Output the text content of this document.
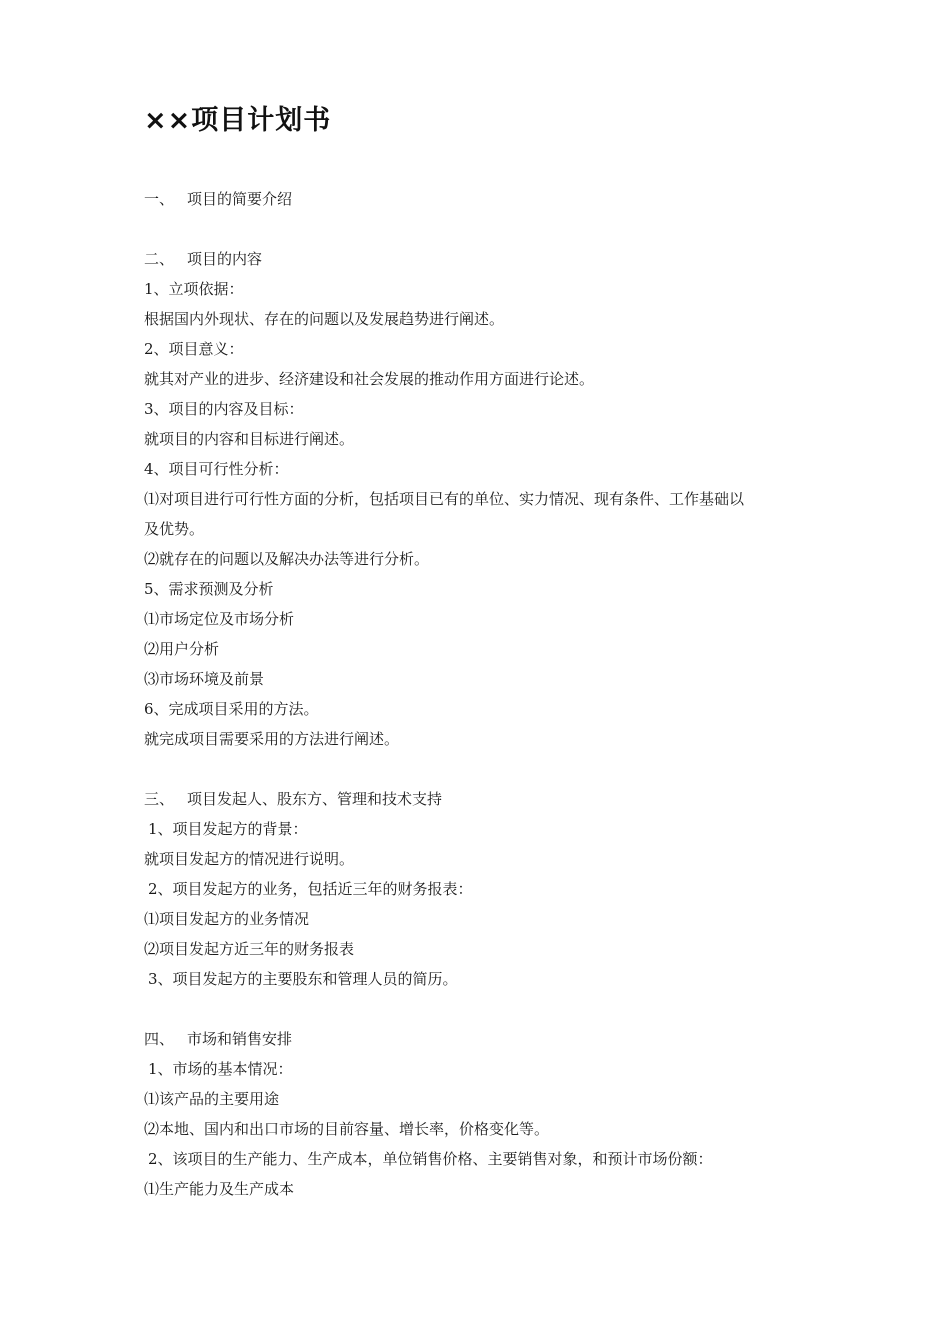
××项目计划书
一、 项目的简要介绍
二、 项目的内容
1、立项依据：
根据国内外现状、存在的问题以及发展趋势进行阐述。
2、项目意义：
就其对产业的进步、经济建设和社会发展的推动作用方面进行论述。
3、项目的内容及目标：
就项目的内容和目标进行阐述。
4、项目可行性分析：
⑴对项目进行可行性方面的分析，包括项目已有的单位、实力情况、现有条件、工作基础以
及优势。
⑵就存在的问题以及解决办法等进行分析。
5、需求预测及分析
⑴市场定位及市场分析
⑵用户分析
⑶市场环境及前景
6、完成项目采用的方法。
就完成项目需要采用的方法进行阐述。
三、 项目发起人、股东方、管理和技术支持
1、项目发起方的背景：
就项目发起方的情况进行说明。
2、项目发起方的业务，包括近三年的财务报表：
⑴项目发起方的业务情况
⑵项目发起方近三年的财务报表
3、项目发起方的主要股东和管理人员的简历。
四、 市场和销售安排
1、市场的基本情况：
⑴该产品的主要用途
⑵本地、国内和出口市场的目前容量、增长率，价格变化等。
2、该项目的生产能力、生产成本，单位销售价格、主要销售对象，和预计市场份额：
⑴生产能力及生产成本
